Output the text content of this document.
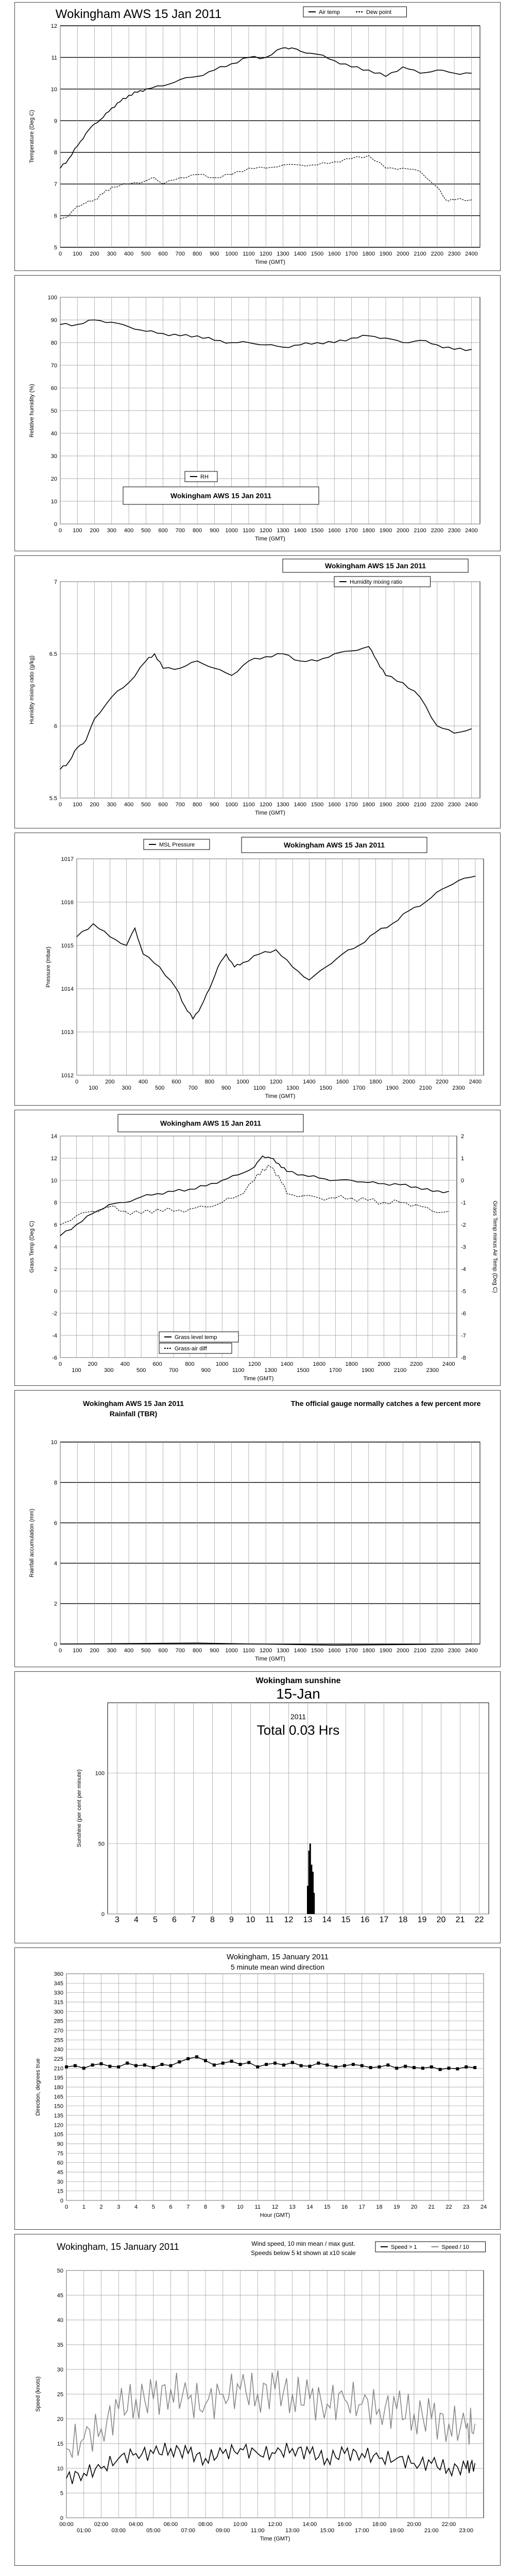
5
6
7
8
9
10
11
12
0 100 200 300 400 500 600 700 800 900 1000 1100 1200 1300 1400 1500 1600 1700 1800 1900 2000 2100 2200 2300 2400
Time (GMT)
Temperature (Deg C)
Wokingham AWS 15 Jan 2011	Air temp	Dew point
0
10
20
30
40
50
60
70
80
90
100
0 100 200 300 400 500 600 700 800 900 1000 1100 1200 1300 1400 1500 1600 1700 1800 1900 2000 2100 2200 2300 2400
Time (GMT)
Relative humidity (%)
Wokingham AWS 15 Jan 2011
RH
5.5
6
6.5
7
0 100 200 300 400 500 600 700 800 900 1000 1100 1200 1300 1400 1500 1600 1700 1800 1900 2000 2100 2200 2300 2400
Time (GMT)
Humidity mixing ratio (g/kg)
Wokingham AWS 15 Jan 2011
Humidity mixing ratio
1012
1013
1014
1015
1016
1017
0
100
200
300
400
500
600
700
800
900
1000
1100
1200
1300
1400
1500
1600
1700
1800
1900
2000
2100
2200
2300
2400
Time (GMT)
Pressure (mbar)
MSL Pressure	Wokingham AWS 15 Jan 2011
-6
-4
-2
0
2
4
6
8
10
12
14
0
100
200
300
400
500
600
700
800
900
1000
1100
1200
1300
1400
1500
1600
1700
1800
1900
2000
2100
2200
2300
2400
-8
-7
-6
-5
-4
-3
-2
-1
0
1
2
Grass Temp minus Air Temp (Deg C)
Time (GMT)
Grass Temp (Deg C)
Wokingham AWS 15 Jan 2011
Grass level temp
Grass-air diff
0
2
4
6
8
10
0 100 200 300 400 500 600 700 800 900 1000 1100 1200 1300 1400 1500 1600 1700 1800 1900 2000 2100 2200 2300 2400
Time (GMT)
Rainfall accumulation (mm)
Wokingham AWS 15 Jan 2011
Rainfall (TBR)
The official gauge normally catches a few percent more
0
50
100
3 4 5 6 7 8 9 10 11 12 13 14 15 16 17 18 19 20 21 22
Sunshine (per cent per minute)
Wokingham sunshine
15-Jan
2011
Total 0.03 Hrs
0
15
30
45
60
75
90
105
120
135
150
165
180
195
210
225
240
255
270
285
300
315
330
345
360
0	1	2	3	4	5	6	7	8	9 10 11 12 13 14 15 16 17 18 19 20 21 22 23 24
Hour (GMT)
Direction, degrees true
Wokingham, 15 January 2011
5 minute mean wind direction
0
5
10
15
20
25
30
35
40
45
50
00:00
01:00
02:00
03:00
04:00
05:00
06:00
07:00
08:00
09:00
10:00
11:00
12:00
13:00
14:00
15:00
16:00
17:00
18:00
19:00
20:00
21:00
22:00
23:00
Time (GMT)
Speed (knots)
Wokingham, 15 January 2011	Wind speed, 10 min mean / max gust.
Speeds below 5 kt shown at x10 scale
Speed > 1	Speed / 10
